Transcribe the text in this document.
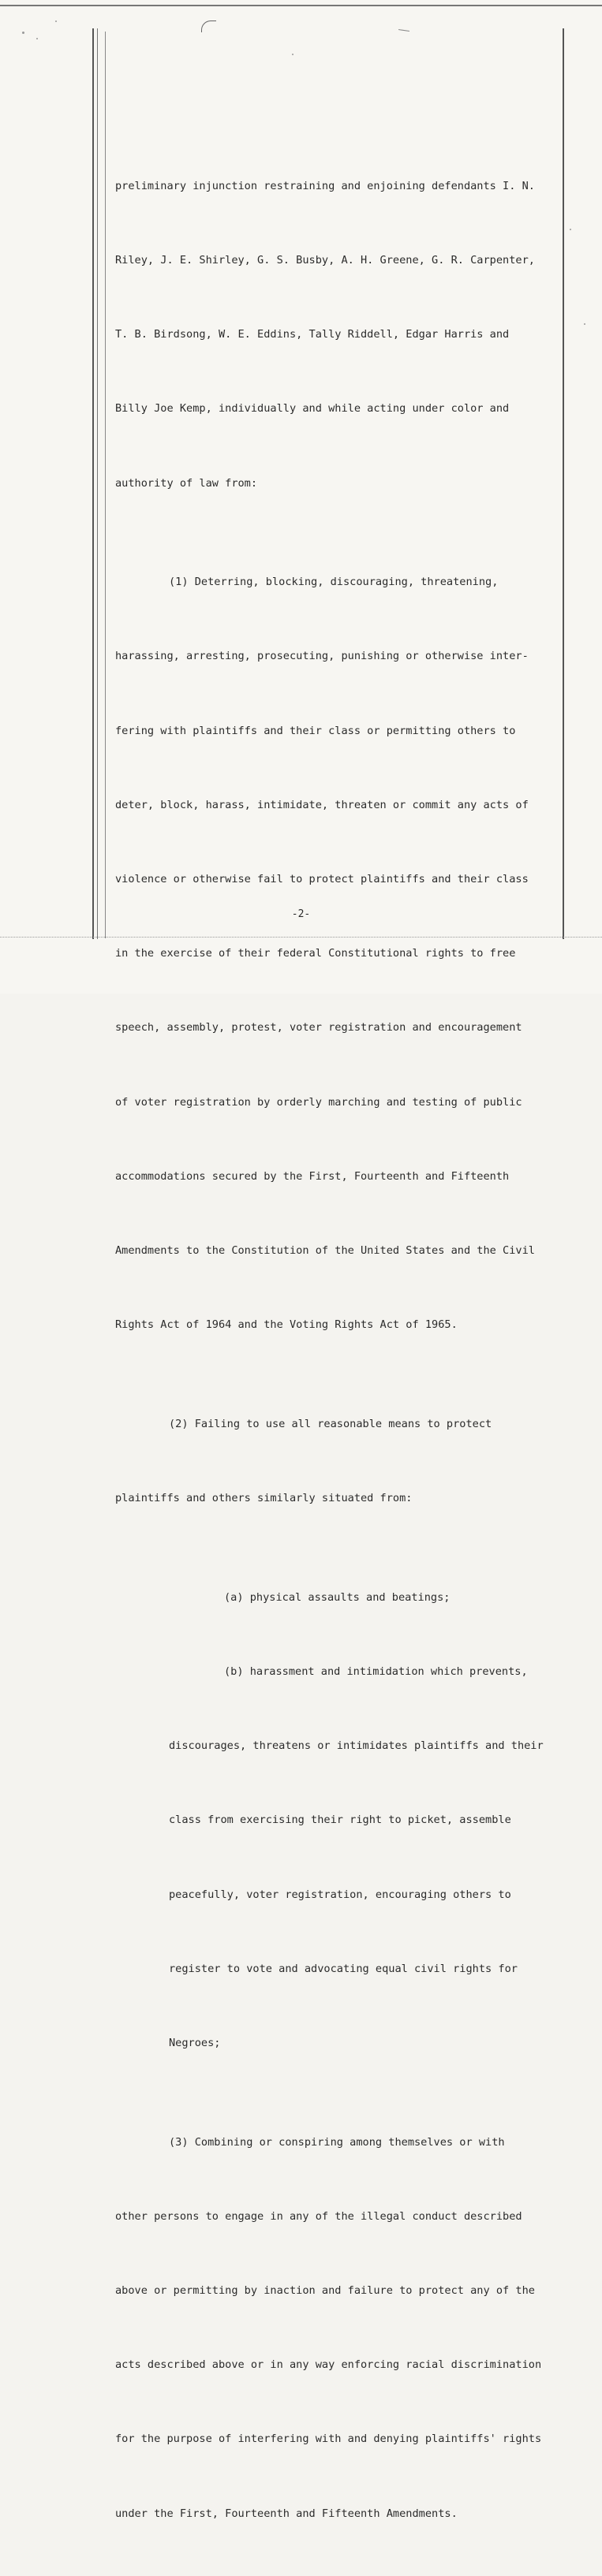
preliminary injunction restraining and enjoining defendants I. N.

Riley, J. E. Shirley, G. S. Busby, A. H. Greene, G. R. Carpenter,

T. B. Birdsong, W. E. Eddins, Tally Riddell, Edgar Harris and

Billy Joe Kemp, individually and while acting under color and

authority of law from:

(1) Deterring, blocking, discouraging, threatening,

harassing, arresting, prosecuting, punishing or otherwise inter-

fering with plaintiffs and their class or permitting others to

deter, block, harass, intimidate, threaten or commit any acts of

violence or otherwise fail to protect plaintiffs and their class

in the exercise of their federal Constitutional rights to free

speech, assembly, protest, voter registration and encouragement

of voter registration by orderly marching and testing of public

accommodations secured by the First, Fourteenth and Fifteenth

Amendments to the Constitution of the United States and the Civil

Rights Act of 1964 and the Voting Rights Act of 1965.

(2) Failing to use all reasonable means to protect

plaintiffs and others similarly situated from:

(a) physical assaults and beatings;

(b) harassment and intimidation which prevents,

discourages, threatens or intimidates plaintiffs and their

class from exercising their right to picket, assemble

peacefully, voter registration, encouraging others to

register to vote and advocating equal civil rights for

Negroes;

(3) Combining or conspiring among themselves or with

other persons to engage in any of the illegal conduct described

above or permitting by inaction and failure to protect any of the

acts described above or in any way enforcing racial discrimination

for the purpose of interfering with and denying plaintiffs' rights

under the First, Fourteenth and Fifteenth Amendments.

-2-
